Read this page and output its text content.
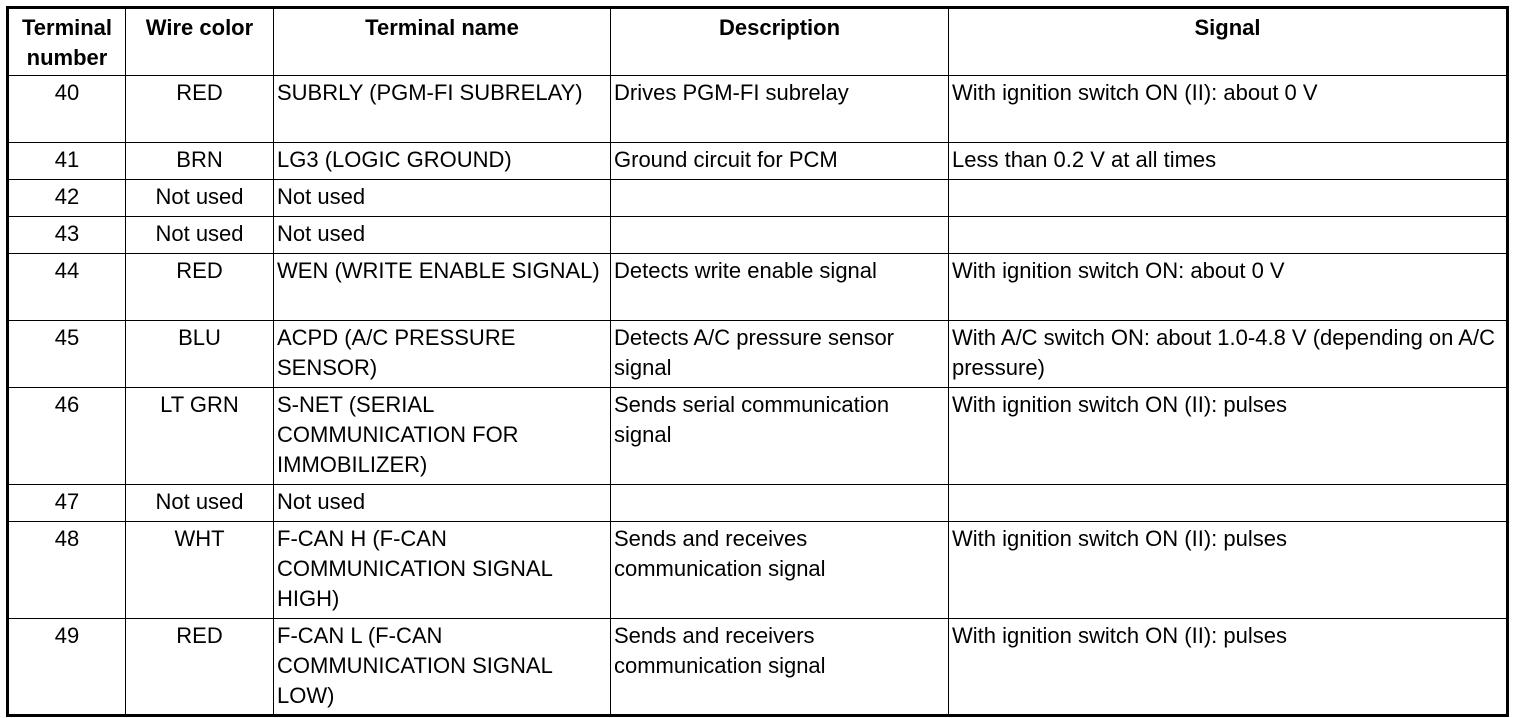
Terminal number	Wire color	Terminal name	Description	Signal
40	RED	SUBRLY (PGM-FI SUBRELAY)	Drives PGM-FI subrelay	With ignition switch ON (II): about 0 V
41	BRN	LG3 (LOGIC GROUND)	Ground circuit for PCM	Less than 0.2 V at all times
42	Not used	Not used		
43	Not used	Not used		
44	RED	WEN (WRITE ENABLE SIGNAL)	Detects write enable signal	With ignition switch ON: about 0 V
45	BLU	ACPD (A/C PRESSURE SENSOR)	Detects A/C pressure sensor signal	With A/C switch ON: about 1.0-4.8 V (depending on A/C pressure)
46	LT GRN	S-NET (SERIAL COMMUNICATION FOR IMMOBILIZER)	Sends serial communication signal	With ignition switch ON (II): pulses
47	Not used	Not used		
48	WHT	F-CAN H (F-CAN COMMUNICATION SIGNAL HIGH)	Sends and receives communication signal	With ignition switch ON (II): pulses
49	RED	F-CAN L (F-CAN COMMUNICATION SIGNAL LOW)	Sends and receivers communication signal	With ignition switch ON (II): pulses
